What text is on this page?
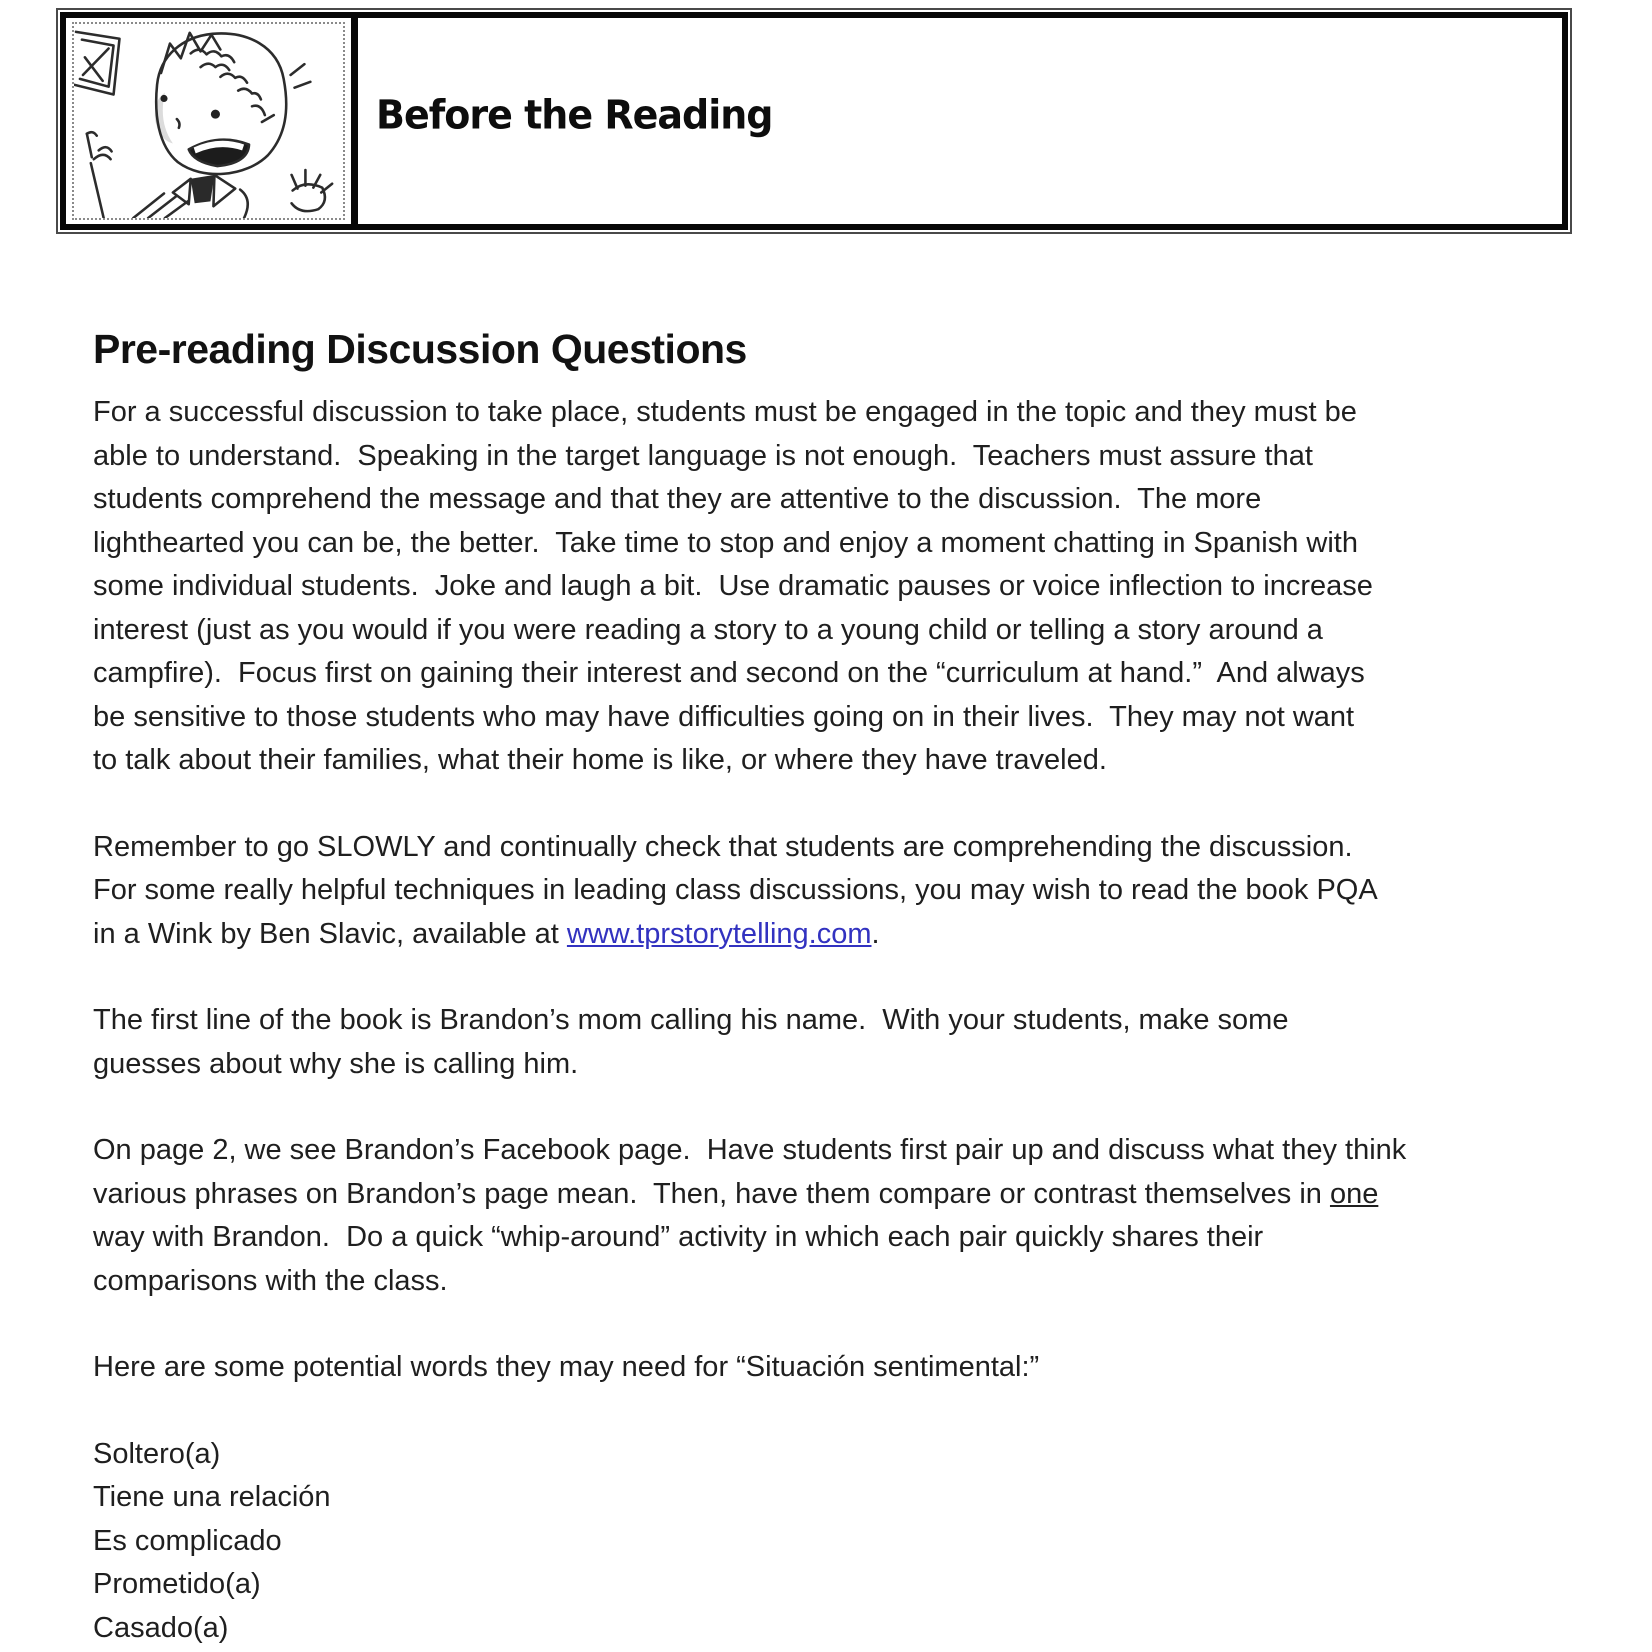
Before the Reading
Pre-reading Discussion Questions
For a successful discussion to take place, students must be engaged in the topic and they must be
able to understand.  Speaking in the target language is not enough.  Teachers must assure that
students comprehend the message and that they are attentive to the discussion.  The more
lighthearted you can be, the better.  Take time to stop and enjoy a moment chatting in Spanish with
some individual students.  Joke and laugh a bit.  Use dramatic pauses or voice inflection to increase
interest (just as you would if you were reading a story to a young child or telling a story around a
campfire).  Focus first on gaining their interest and second on the “curriculum at hand.”  And always
be sensitive to those students who may have difficulties going on in their lives.  They may not want
to talk about their families, what their home is like, or where they have traveled.
Remember to go SLOWLY and continually check that students are comprehending the discussion.
For some really helpful techniques in leading class discussions, you may wish to read the book PQA
in a Wink by Ben Slavic, available at www.tprstorytelling.com.
The first line of the book is Brandon’s mom calling his name.  With your students, make some
guesses about why she is calling him.
On page 2, we see Brandon’s Facebook page.  Have students first pair up and discuss what they think
various phrases on Brandon’s page mean.  Then, have them compare or contrast themselves in one
way with Brandon.  Do a quick “whip-around” activity in which each pair quickly shares their
comparisons with the class.
Here are some potential words they may need for “Situación sentimental:”
Soltero(a)
Tiene una relación
Es complicado
Prometido(a)
Casado(a)
